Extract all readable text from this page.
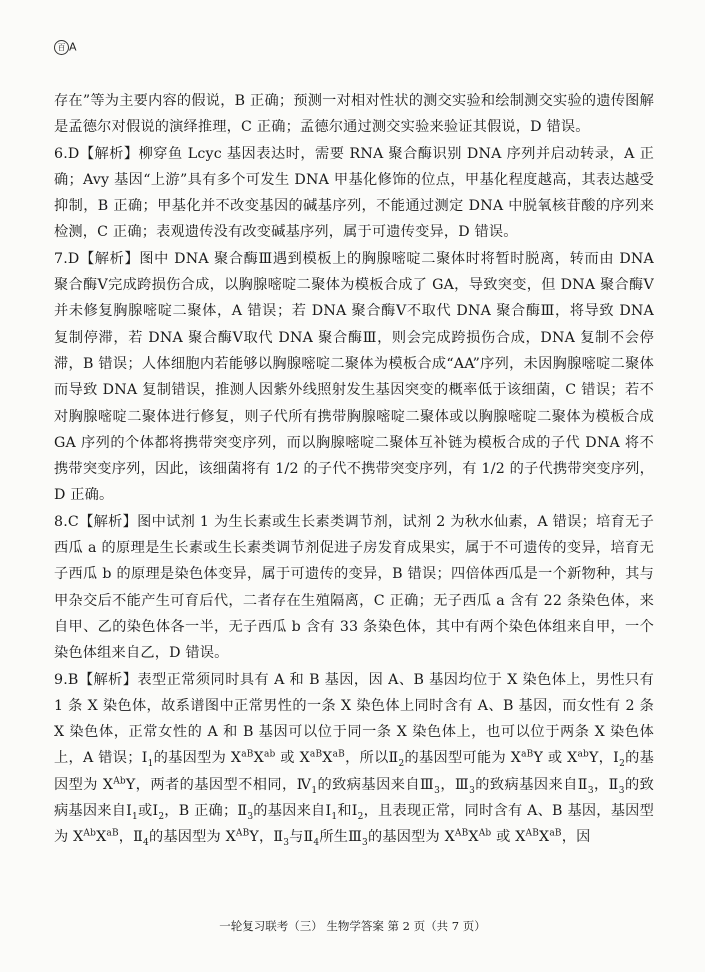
百 A

存在”等为主要内容的假说，B 正确；预测一对相对性状的测交实验和绘制测交实验的遗传图解是孟德尔对假说的演绎推理，C 正确；孟德尔通过测交实验来验证其假说，D 错误。

6.D【解析】柳穿鱼 Lcyc 基因表达时，需要 RNA 聚合酶识别 DNA 序列并启动转录，A 正确；Avy 基因“上游”具有多个可发生 DNA 甲基化修饰的位点，甲基化程度越高，其表达越受抑制，B 正确；甲基化并不改变基因的碱基序列，不能通过测定 DNA 中脱氧核苷酸的序列来检测，C 正确；表观遗传没有改变碱基序列，属于可遗传变异，D 错误。

7.D【解析】图中 DNA 聚合酶Ⅲ遇到模板上的胸腺嘧啶二聚体时将暂时脱离，转而由 DNA 聚合酶Ⅴ完成跨损伤合成，以胸腺嘧啶二聚体为模板合成了 GA，导致突变，但 DNA 聚合酶Ⅴ并未修复胸腺嘧啶二聚体，A 错误；若 DNA 聚合酶Ⅴ不取代 DNA 聚合酶Ⅲ，将导致 DNA 复制停滞，若 DNA 聚合酶Ⅴ取代 DNA 聚合酶Ⅲ，则会完成跨损伤合成，DNA 复制不会停滞，B 错误；人体细胞内若能够以胸腺嘧啶二聚体为模板合成“AA”序列，未因胸腺嘧啶二聚体而导致 DNA 复制错误，推测人因紫外线照射发生基因突变的概率低于该细菌，C 错误；若不对胸腺嘧啶二聚体进行修复，则子代所有携带胸腺嘧啶二聚体或以胸腺嘧啶二聚体为模板合成 GA 序列的个体都将携带突变序列，而以胸腺嘧啶二聚体互补链为模板合成的子代 DNA 将不携带突变序列，因此，该细菌将有 1/2 的子代不携带突变序列，有 1/2 的子代携带突变序列，D 正确。

8.C【解析】图中试剂 1 为生长素或生长素类调节剂，试剂 2 为秋水仙素，A 错误；培育无子西瓜 a 的原理是生长素或生长素类调节剂促进子房发育成果实，属于不可遗传的变异，培育无子西瓜 b 的原理是染色体变异，属于可遗传的变异，B 错误；四倍体西瓜是一个新物种，其与甲杂交后不能产生可育后代，二者存在生殖隔离，C 正确；无子西瓜 a 含有 22 条染色体，来自甲、乙的染色体各一半，无子西瓜 b 含有 33 条染色体，其中有两个染色体组来自甲，一个染色体组来自乙，D 错误。

9.B【解析】表型正常须同时具有 A 和 B 基因，因 A、B 基因均位于 X 染色体上，男性只有 1 条 X 染色体，故系谱图中正常男性的一条 X 染色体上同时含有 A、B 基因，而女性有 2 条 X 染色体，正常女性的 A 和 B 基因可以位于同一条 X 染色体上，也可以位于两条 X 染色体上，A 错误；$Ⅰ_1$的基因型为 $X^{aB}X^{ab}$ 或 $X^{aB}X^{aB}$，所以$Ⅱ_2$的基因型可能为 $X^{aB}Y$ 或 $X^{ab}Y$，$Ⅰ_2$的基因型为 $X^{Ab}Y$，两者的基因型不相同，$Ⅳ_1$的致病基因来自$Ⅲ_3$，$Ⅲ_3$的致病基因来自$Ⅱ_3$，$Ⅱ_3$的致病基因来自$Ⅰ_1$或$Ⅰ_2$，B 正确；$Ⅱ_3$的基因来自$Ⅰ_1$和$Ⅰ_2$，且表现正常，同时含有 A、B 基因，基因型为 $X^{Ab}X^{aB}$，$Ⅱ_4$的基因型为 $X^{AB}Y$，$Ⅱ_3$与$Ⅱ_4$所生$Ⅲ_3$的基因型为 $X^{AB}X^{Ab}$ 或 $X^{AB}X^{aB}$，因

一轮复习联考（三） 生物学答案 第 2 页（共 7 页）
